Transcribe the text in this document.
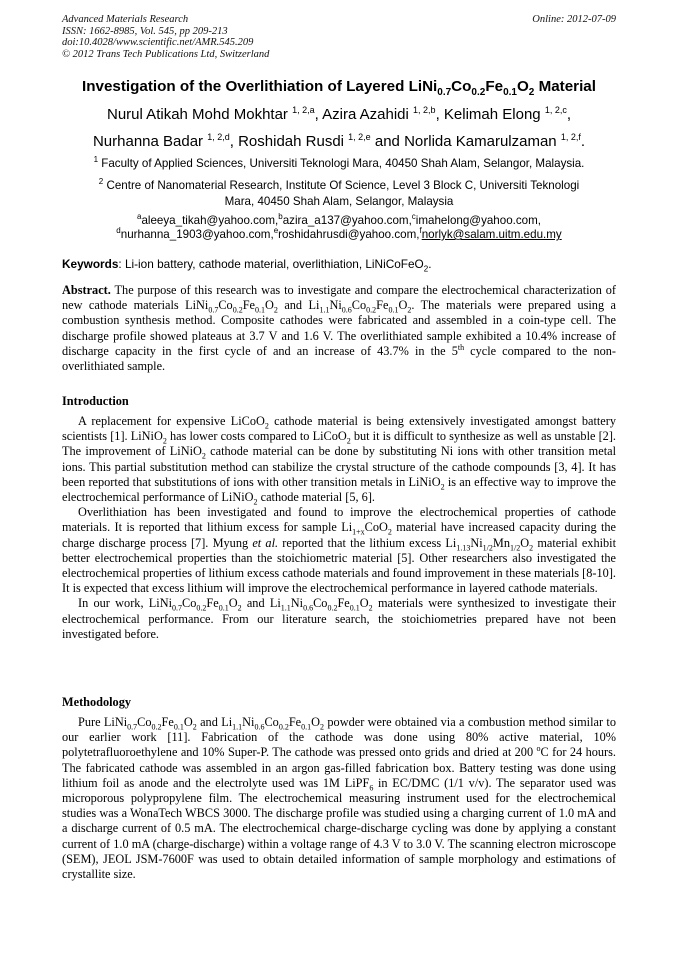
Advanced Materials Research
ISSN: 1662-8985, Vol. 545, pp 209-213
doi:10.4028/www.scientific.net/AMR.545.209
© 2012 Trans Tech Publications Ltd, Switzerland
Online: 2012-07-09
Investigation of the Overlithiation of Layered $LiNi_{0.7}Co_{0.2}Fe_{0.1}O_2$ Material
Nurul Atikah Mohd Mokhtar $^{1, 2,a}$, Azira Azahidi $^{1, 2,b}$, Kelimah Elong $^{1, 2,c}$,
Nurhanna Badar $^{1, 2,d}$, Roshidah Rusdi $^{1, 2,e}$ and Norlida Kamarulzaman $^{1, 2,f}$.
$^1$ Faculty of Applied Sciences, Universiti Teknologi Mara, 40450 Shah Alam, Selangor, Malaysia.
$^2$ Centre of Nanomaterial Research, Institute Of Science, Level 3 Block C, Universiti Teknologi
Mara, 40450 Shah Alam, Selangor, Malaysia
$^a$aleeya_tikah@yahoo.com,$^b$azira_a137@yahoo.com,$^c$imahelong@yahoo.com,
$^d$nurhanna_1903@yahoo.com,$^e$roshidahrusdi@yahoo.com,$^f$norlyk@salam.uitm.edu.my
Keywords: Li-ion battery, cathode material, overlithiation, LiNiCoFeO$_2$.

Abstract. The purpose of this research was to investigate and compare the electrochemical characterization of new cathode materials $LiNi_{0.7}Co_{0.2}Fe_{0.1}O_2$ and $Li_{1.1}Ni_{0.6}Co_{0.2}Fe_{0.1}O_2$. The materials were prepared using a combustion synthesis method. Composite cathodes were fabricated and assembled in a coin-type cell. The discharge profile showed plateaus at 3.7 V and 1.6 V. The overlithiated sample exhibited a 10.4% increase of discharge capacity in the first cycle of and an increase of 43.7% in the 5th cycle compared to the non-overlithiated sample.

Introduction

A replacement for expensive LiCoO$_2$ cathode material is being extensively investigated amongst battery scientists [1]. LiNiO$_2$ has lower costs compared to LiCoO$_2$ but it is difficult to synthesize as well as unstable [2]. The improvement of LiNiO$_2$ cathode material can be done by substituting Ni ions with other transition metal ions. This partial substitution method can stabilize the crystal structure of the cathode compounds [3, 4]. It has been reported that substitutions of ions with other transition metals in LiNiO$_2$ is an effective way to improve the electrochemical performance of LiNiO$_2$ cathode material [5, 6].

Overlithiation has been investigated and found to improve the electrochemical properties of cathode materials. It is reported that lithium excess for sample $Li_{1+x}CoO_2$ material have increased capacity during the charge discharge process [7]. Myung et al. reported that the lithium excess $Li_{1.13}Ni_{1/2}Mn_{1/2}O_2$ material exhibit better electrochemical properties than the stoichiometric material [5]. Other researchers also investigated the electrochemical properties of lithium excess cathode materials and found improvement in these materials [8-10]. It is expected that excess lithium will improve the electrochemical performance in layered cathode materials.

In our work, $LiNi_{0.7}Co_{0.2}Fe_{0.1}O_2$ and $Li_{1.1}Ni_{0.6}Co_{0.2}Fe_{0.1}O_2$ materials were synthesized to investigate their electrochemical performance. From our literature search, the stoichiometries prepared have not been investigated before.

Methodology

Pure $LiNi_{0.7}Co_{0.2}Fe_{0.1}O_2$ and $Li_{1.1}Ni_{0.6}Co_{0.2}Fe_{0.1}O_2$ powder were obtained via a combustion method similar to our earlier work [11]. Fabrication of the cathode was done using 80% active material, 10% polytetrafluoroethylene and 10% Super-P. The cathode was pressed onto grids and dried at 200 $^o$C for 24 hours. The fabricated cathode was assembled in an argon gas-filled fabrication box. Battery testing was done using lithium foil as anode and the electrolyte used was 1M LiPF$_6$ in EC/DMC (1/1 v/v). The separator used was microporous polypropylene film. The electrochemical measuring instrument used for the electrochemical studies was a WonaTech WBCS 3000. The discharge profile was studied using a charging current of 1.0 mA and a discharge current of 0.5 mA. The electrochemical charge-discharge cycling was done by applying a constant current of 1.0 mA (charge-discharge) within a voltage range of 4.3 V to 3.0 V. The scanning electron microscope (SEM), JEOL JSM-7600F was used to obtain detailed information of sample morphology and estimations of crystallite size.
